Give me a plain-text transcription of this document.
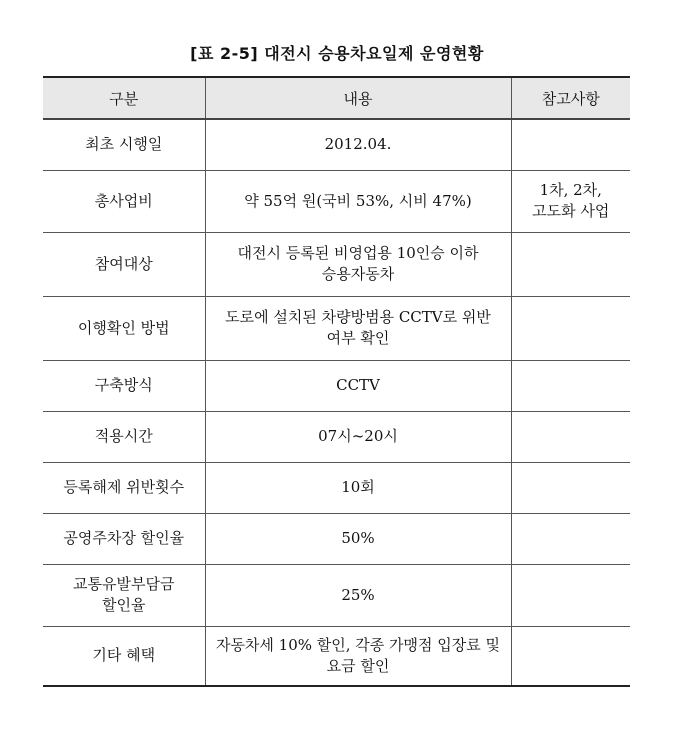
[표 2-5] 대전시 승용차요일제 운영현황
구분	내용	참고사항
최초 시행일	2012.04.	
총사업비	약 55억 원(국비 53%, 시비 47%)	1차, 2차,
고도화 사업
참여대상	대전시 등록된 비영업용 10인승 이하
승용자동차	
이행확인 방법	도로에 설치된 차량방범용 CCTV로 위반
여부 확인	
구축방식	CCTV	
적용시간	07시~20시	
등록해제 위반횟수	10회	
공영주차장 할인율	50%	
교통유발부담금
할인율	25%	
기타 혜택	자동차세 10% 할인, 각종 가맹점 입장료 및
요금 할인	
